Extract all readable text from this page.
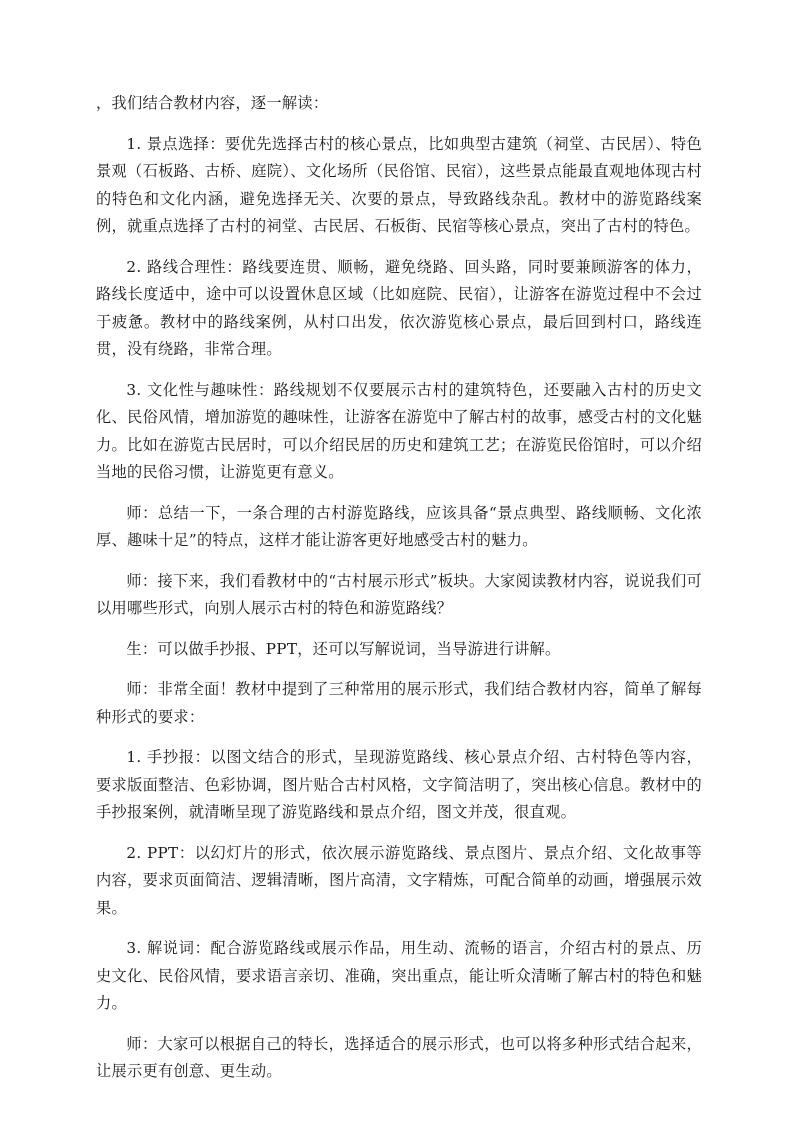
，我们结合教材内容，逐一解读：

1. 景点选择：要优先选择古村的核心景点，比如典型古建筑（祠堂、古民居）、特色景观（石板路、古桥、庭院）、文化场所（民俗馆、民宿），这些景点能最直观地体现古村的特色和文化内涵，避免选择无关、次要的景点，导致路线杂乱。教材中的游览路线案例，就重点选择了古村的祠堂、古民居、石板街、民宿等核心景点，突出了古村的特色。

2. 路线合理性：路线要连贯、顺畅，避免绕路、回头路，同时要兼顾游客的体力，路线长度适中，途中可以设置休息区域（比如庭院、民宿），让游客在游览过程中不会过于疲惫。教材中的路线案例，从村口出发，依次游览核心景点，最后回到村口，路线连贯，没有绕路，非常合理。

3. 文化性与趣味性：路线规划不仅要展示古村的建筑特色，还要融入古村的历史文化、民俗风情，增加游览的趣味性，让游客在游览中了解古村的故事，感受古村的文化魅力。比如在游览古民居时，可以介绍民居的历史和建筑工艺；在游览民俗馆时，可以介绍当地的民俗习惯，让游览更有意义。

师：总结一下，一条合理的古村游览路线，应该具备“景点典型、路线顺畅、文化浓厚、趣味十足”的特点，这样才能让游客更好地感受古村的魅力。

师：接下来，我们看教材中的“古村展示形式”板块。大家阅读教材内容，说说我们可以用哪些形式，向别人展示古村的特色和游览路线？

生：可以做手抄报、PPT，还可以写解说词，当导游进行讲解。

师：非常全面！教材中提到了三种常用的展示形式，我们结合教材内容，简单了解每种形式的要求：

1. 手抄报：以图文结合的形式，呈现游览路线、核心景点介绍、古村特色等内容，要求版面整洁、色彩协调，图片贴合古村风格，文字简洁明了，突出核心信息。教材中的手抄报案例，就清晰呈现了游览路线和景点介绍，图文并茂，很直观。

2. PPT：以幻灯片的形式，依次展示游览路线、景点图片、景点介绍、文化故事等内容，要求页面简洁、逻辑清晰，图片高清，文字精炼，可配合简单的动画，增强展示效果。

3. 解说词：配合游览路线或展示作品，用生动、流畅的语言，介绍古村的景点、历史文化、民俗风情，要求语言亲切、准确，突出重点，能让听众清晰了解古村的特色和魅力。

师：大家可以根据自己的特长，选择适合的展示形式，也可以将多种形式结合起来，让展示更有创意、更生动。
